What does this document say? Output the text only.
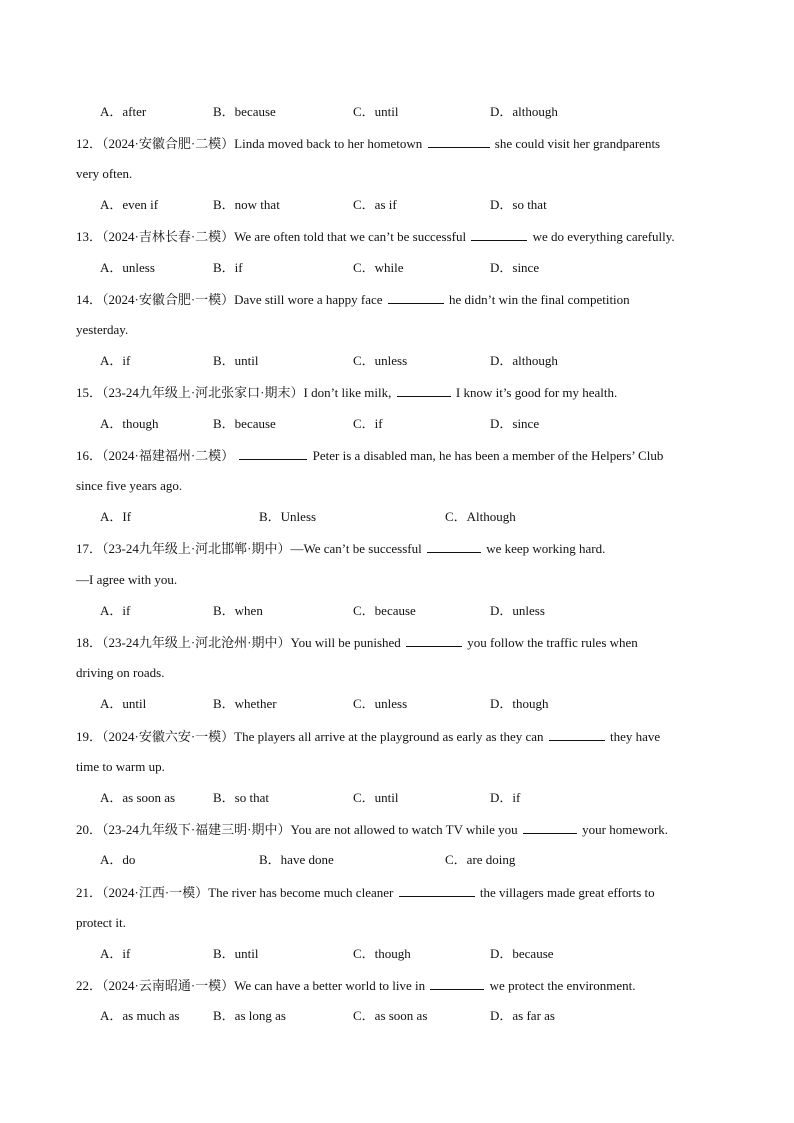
A．after	B．because	C．until	D．although
12．（2024·安徽合肥·二模）Linda moved back to her hometown	she could visit her grandparents
very often.
A．even if	B．now that	C．as if	D．so that
13．（2024·吉林长春·二模）We are often told that we can’t be successful	we do everything carefully.
A．unless	B．if	C．while	D．since
14．（2024·安徽合肥·一模）Dave still wore a happy face	he didn’t win the final competition
yesterday.
A．if	B．until	C．unless	D．although
15．（23-24九年级上·河北张家口·期末）I don’t like milk,	I know it’s good for my health.
A．though	B．because	C．if	D．since
16．（2024·福建福州·二模）	Peter is a disabled man, he has been a member of the Helpers’ Club
since five years ago.
A．If	B．Unless	C．Although
17．（23-24九年级上·河北邯郸·期中）—We can’t be successful	we keep working hard.
—I agree with you.
A．if	B．when	C．because	D．unless
18．（23-24九年级上·河北沧州·期中）You will be punished	you follow the traffic rules when
driving on roads.
A．until	B．whether	C．unless	D．though
19．（2024·安徽六安·一模）The players all arrive at the playground as early as they can	they have
time to warm up.
A．as soon as	B．so that	C．until	D．if
20．（23-24九年级下·福建三明·期中）You are not allowed to watch TV while you	your homework.
A．do	B．have done	C．are doing
21．（2024·江西·一模）The river has become much cleaner	the villagers made great efforts to
protect it.
A．if	B．until	C．though	D．because
22．（2024·云南昭通·一模）We can have a better world to live in	we protect the environment.
A．as much as	B．as long as	C．as soon as	D．as far as
